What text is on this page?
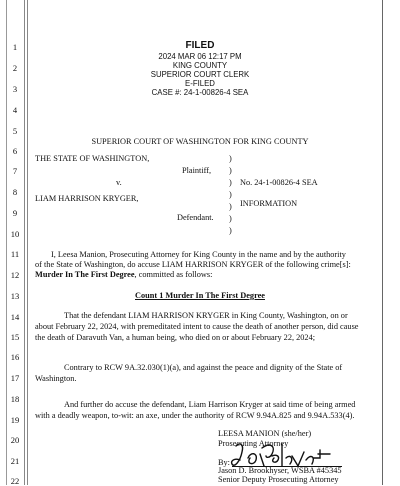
1
2
3
4
5
6
7
8
9
10
11
12
13
14
15
16
17
18
19
20
21
22
FILED
2024 MAR 06 12:17 PM
KING COUNTY
SUPERIOR COURT CLERK
E-FILED
CASE #: 24-1-00826-4 SEA
SUPERIOR COURT OF WASHINGTON FOR KING COUNTY
THE STATE OF WASHINGTON,
Plaintiff,
v.
LIAM HARRISON KRYGER,
Defendant.
)
)
)
)
)
)
)
No. 24-1-00826-4 SEA
INFORMATION
I, Leesa Manion, Prosecuting Attorney for King County in the name and by the authority
of the State of Washington, do accuse LIAM HARRISON KRYGER of the following crime[s]:
Murder In The First Degree, committed as follows:
Count 1 Murder In The First Degree
That the defendant LIAM HARRISON KRYGER in King County, Washington, on or
about February 22, 2024, with premeditated intent to cause the death of another person, did cause
the death of Daravuth Van, a human being, who died on or about February 22, 2024;
Contrary to RCW 9A.32.030(1)(a), and against the peace and dignity of the State of
Washington.
And further do accuse the defendant, Liam Harrison Kryger at said time of being armed
with a deadly weapon, to-wit: an axe, under the authority of RCW 9.94A.825 and 9.94A.533(4).
LEESA MANION (she/her)
Prosecuting Attorney
By:
Jason D. Brookhyser, WSBA #45345
Senior Deputy Prosecuting Attorney
